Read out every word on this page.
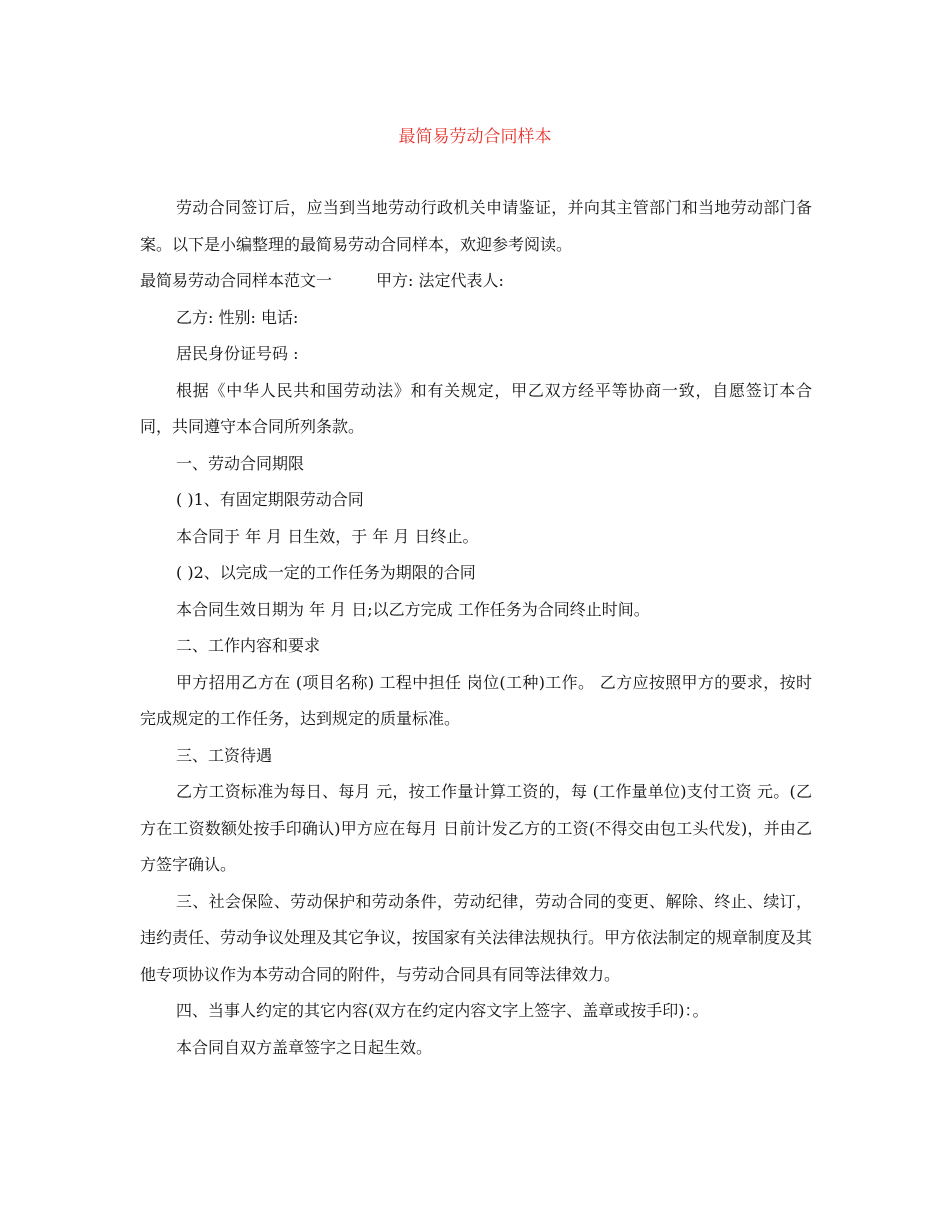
最简易劳动合同样本

劳动合同签订后，应当到当地劳动行政机关申请鉴证，并向其主管部门和当地劳动部门备案。以下是小编整理的最简易劳动合同样本，欢迎参考阅读。

最简易劳动合同样本范文一	甲方: 法定代表人:

乙方: 性别: 电话:

居民身份证号码 :

根据《中华人民共和国劳动法》和有关规定，甲乙双方经平等协商一致，自愿签订本合同，共同遵守本合同所列条款。

一、劳动合同期限

( )1、有固定期限劳动合同

本合同于 年 月 日生效，于 年 月 日终止。

( )2、以完成一定的工作任务为期限的合同

本合同生效日期为 年 月 日;以乙方完成 工作任务为合同终止时间。

二、工作内容和要求

甲方招用乙方在 (项目名称) 工程中担任 岗位(工种)工作。 乙方应按照甲方的要求，按时完成规定的工作任务，达到规定的质量标准。

三、工资待遇

乙方工资标准为每日、每月 元，按工作量计算工资的，每 (工作量单位)支付工资 元。(乙方在工资数额处按手印确认)甲方应在每月 日前计发乙方的工资(不得交由包工头代发)，并由乙方签字确认。

三、社会保险、劳动保护和劳动条件，劳动纪律，劳动合同的变更、解除、终止、续订，违约责任、劳动争议处理及其它争议，按国家有关法律法规执行。甲方依法制定的规章制度及其他专项协议作为本劳动合同的附件，与劳动合同具有同等法律效力。

四、当事人约定的其它内容(双方在约定内容文字上签字、盖章或按手印)：。

本合同自双方盖章签字之日起生效。
